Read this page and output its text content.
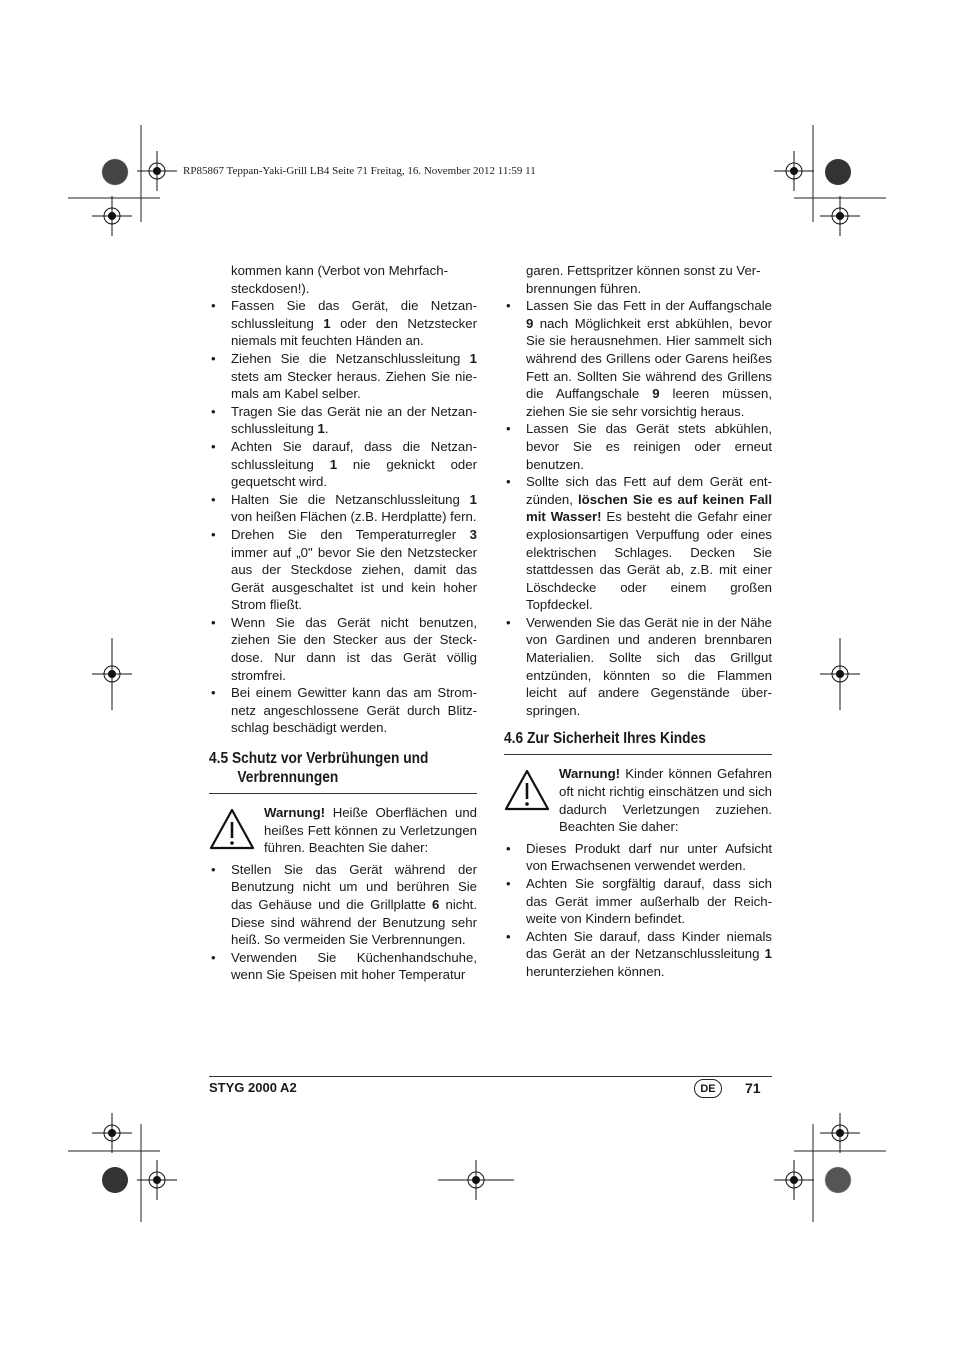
RP85867 Teppan-Yaki-Grill LB4 Seite 71 Freitag, 16. November 2012 11:59 11

kommen kann (Verbot von Mehrfach-

steckdosen!).

• Fassen Sie das Gerät, die Netzanschlussleitung 1 oder den Netzstecker niemals mit feuchten Händen an.
• Ziehen Sie die Netzanschlussleitung 1 stets am Stecker heraus. Ziehen Sie niemals am Kabel selber.
• Tragen Sie das Gerät nie an der Netzanschlussleitung 1.
• Achten Sie darauf, dass die Netzanschlussleitung 1 nie geknickt oder gequetscht wird.
• Halten Sie die Netzanschlussleitung 1 von heißen Flächen (z.B. Herdplatte) fern.
• Drehen Sie den Temperaturregler 3 immer auf „0" bevor Sie den Netzstecker aus der Steckdose ziehen, damit das Gerät ausgeschaltet ist und kein hoher Strom fließt.
• Wenn Sie das Gerät nicht benutzen, ziehen Sie den Stecker aus der Steckdose. Nur dann ist das Gerät völlig stromfrei.
• Bei einem Gewitter kann das am Stromnetz angeschlossene Gerät durch Blitzschlag beschädigt werden.
4.5 Schutz vor Verbrühungen und
Verbrennungen

Warnung! Heiße Oberflächen und heißes Fett können zu Verletzungen führen. Beachten Sie daher:

• Stellen Sie das Gerät während der Benutzung nicht um und berühren Sie das Gehäuse und die Grillplatte 6 nicht. Diese sind während der Benutzung sehr heiß. So vermeiden Sie Verbrennungen.
• Verwenden Sie Küchenhandschuhe, wenn Sie Speisen mit hoher Temperatur

garen. Fettspritzer können sonst zu Ver-

brennungen führen.

• Lassen Sie das Fett in der Auffangschale 9 nach Möglichkeit erst abkühlen, bevor Sie sie herausnehmen. Hier sammelt sich während des Grillens oder Garens heißes Fett an. Sollten Sie während des Grillens die Auffangschale 9 leeren müssen, ziehen Sie sie sehr vorsichtig heraus.
• Lassen Sie das Gerät stets abkühlen, bevor Sie es reinigen oder erneut benutzen.
• Sollte sich das Fett auf dem Gerät entzünden, löschen Sie es auf keinen Fall mit Wasser! Es besteht die Gefahr einer explosionsartigen Verpuffung oder eines elektrischen Schlages. Decken Sie stattdessen das Gerät ab, z.B. mit einer Löschdecke oder einem großen Topfdeckel.
• Verwenden Sie das Gerät nie in der Nähe von Gardinen und anderen brennbaren Materialien. Sollte sich das Grillgut entzünden, könnten so die Flammen leicht auf andere Gegenstände überspringen.
4.6 Zur Sicherheit Ihres Kindes

Warnung! Kinder können Gefahren oft nicht richtig einschätzen und sich dadurch Verletzungen zuziehen. Beachten Sie daher:

• Dieses Produkt darf nur unter Aufsicht von Erwachsenen verwendet werden.
• Achten Sie sorgfältig darauf, dass sich das Gerät immer außerhalb der Reichweite von Kindern befindet.
• Achten Sie darauf, dass Kinder niemals das Gerät an der Netzanschlussleitung 1 herunterziehen können.
STYG 2000 A2	DE	71
